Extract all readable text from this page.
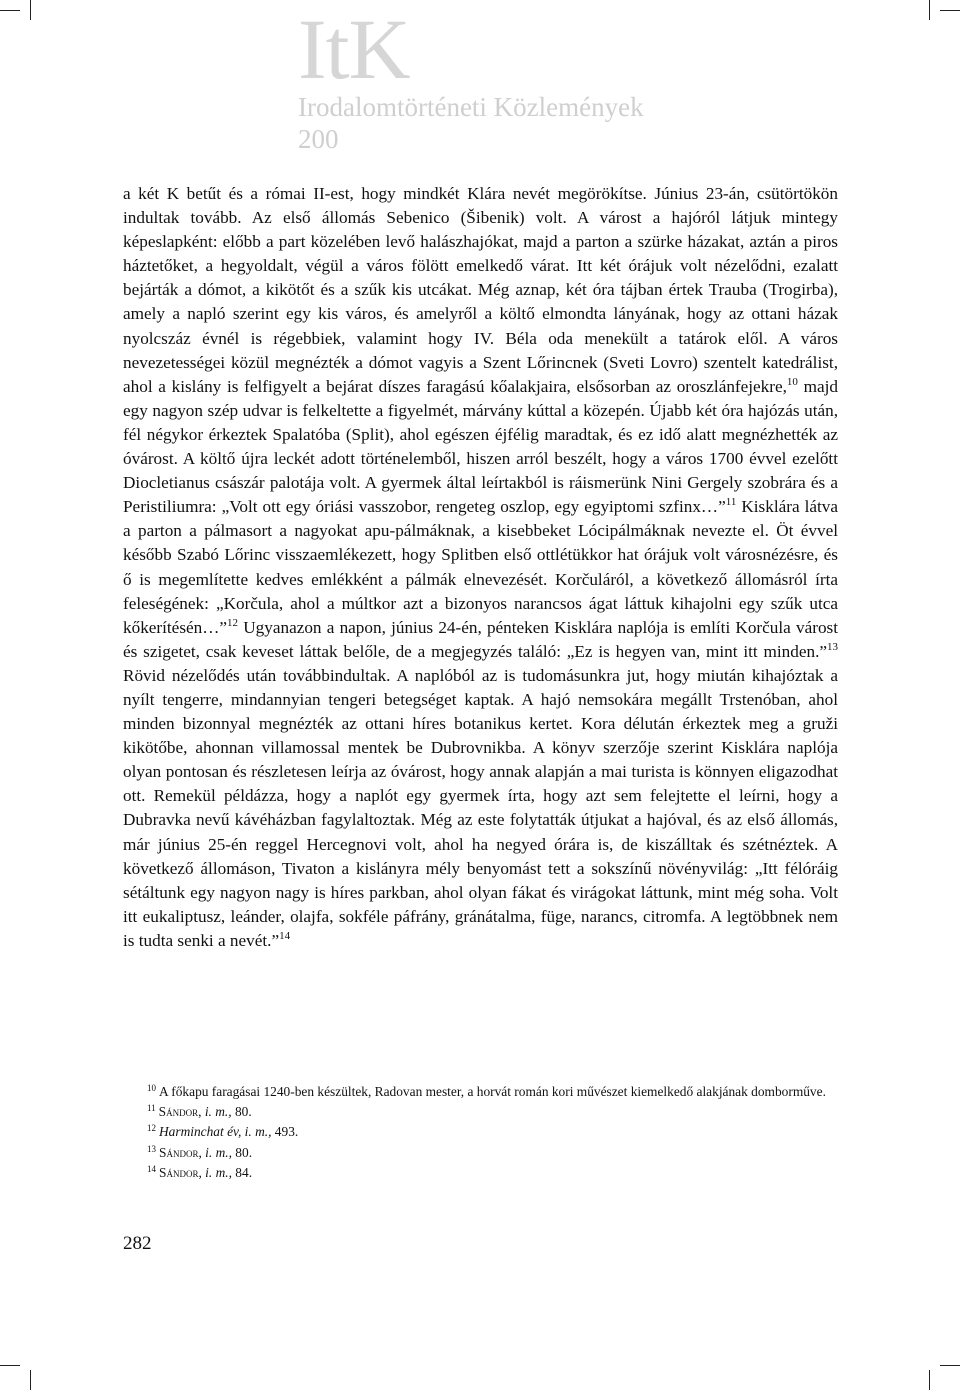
ItK
Irodalomtörténeti Közlemények
200

a két K betűt és a római II-est, hogy mindkét Klára nevét megörökítse. Június 23-án, csütörtökön indultak tovább. Az első állomás Sebenico (Šibenik) volt. A várost a hajóról látjuk mintegy képeslapként: előbb a part közelében levő halászhajókat, majd a parton a szürke házakat, aztán a piros háztetőket, a hegyoldalt, végül a város fölött emelkedő várat. Itt két órájuk volt nézelődni, ezalatt bejárták a dómot, a kikötőt és a szűk kis utcákat. Még aznap, két óra tájban értek Trauba (Trogirba), amely a napló szerint egy kis város, és amelyről a költő elmondta lányának, hogy az ottani házak nyolcszáz évnél is régebbiek, valamint hogy IV. Béla oda menekült a tatárok elől. A város nevezetességei közül megnézték a dómot vagyis a Szent Lőrincnek (Sveti Lovro) szentelt katedrálist, ahol a kislány is felfigyelt a bejárat díszes faragású kőalakjaira, elsősorban az oroszlánfejekre,$^{10}$ majd egy nagyon szép udvar is felkeltette a figyelmét, márvány kúttal a közepén. Újabb két óra hajózás után, fél négykor érkeztek Spalatóba (Split), ahol egészen éjfélig maradtak, és ez idő alatt megnézhették az óvárost. A költő újra leckét adott történelemből, hiszen arról beszélt, hogy a város 1700 évvel ezelőtt Diocletianus császár palotája volt. A gyermek által leírtakból is ráismerünk Nini Gergely szobrára és a Peristiliumra: „Volt ott egy óriási vasszobor, rengeteg oszlop, egy egyiptomi szfinx…”$^{11}$ Kisklára látva a parton a pálmasort a nagyokat apu-pálmáknak, a kisebbeket Lócipálmáknak nevezte el. Öt évvel később Szabó Lőrinc visszaemlékezett, hogy Splitben első ottlétükkor hat órájuk volt városnézésre, és ő is megemlítette kedves emlékként a pálmák elnevezését. Korčuláról, a következő állomásról írta feleségének: „Korčula, ahol a múltkor azt a bizonyos narancsos ágat láttuk kihajolni egy szűk utca kőkerítésén…”$^{12}$ Ugyanazon a napon, június 24-én, pénteken Kisklára naplója is említi Korčula várost és szigetet, csak keveset láttak belőle, de a megjegyzés találó: „Ez is hegyen van, mint itt minden.”$^{13}$ Rövid nézelődés után továbbindultak. A naplóból az is tudomásunkra jut, hogy miután kihajóztak a nyílt tengerre, mindannyian tengeri betegséget kaptak. A hajó nemsokára megállt Trstenóban, ahol minden bizonnyal megnézték az ottani híres botanikus kertet. Kora délután érkeztek meg a gruži kikötőbe, ahonnan villamossal mentek be Dubrovnikba. A könyv szerzője szerint Kisklára naplója olyan pontosan és részletesen leírja az óvárost, hogy annak alapján a mai turista is könnyen eligazodhat ott. Remekül példázza, hogy a naplót egy gyermek írta, hogy azt sem felejtette el leírni, hogy a Dubravka nevű kávéházban fagylaltoztak. Még az este folytatták útjukat a hajóval, és az első állomás, már június 25-én reggel Hercegnovi volt, ahol ha negyed órára is, de kiszálltak és szétnéztek. A következő állomáson, Tivaton a kislányra mély benyomást tett a sokszínű növényvilág: „Itt félóráig sétáltunk egy nagyon nagy is híres parkban, ahol olyan fákat és virágokat láttunk, mint még soha. Volt itt eukaliptusz, leánder, olajfa, sokféle páfrány, gránátalma, füge, narancs, citromfa. A legtöbbnek nem is tudta senki a nevét.”$^{14}$

$^{10}$ A főkapu faragásai 1240-ben készültek, Radovan mester, a horvát román kori művészet kiemelkedő alakjának domborműve.

$^{11}$ Sándor, i. m., 80.

$^{12}$ Harminchat év, i. m., 493.

$^{13}$ Sándor, i. m., 80.

$^{14}$ Sándor, i. m., 84.

282
